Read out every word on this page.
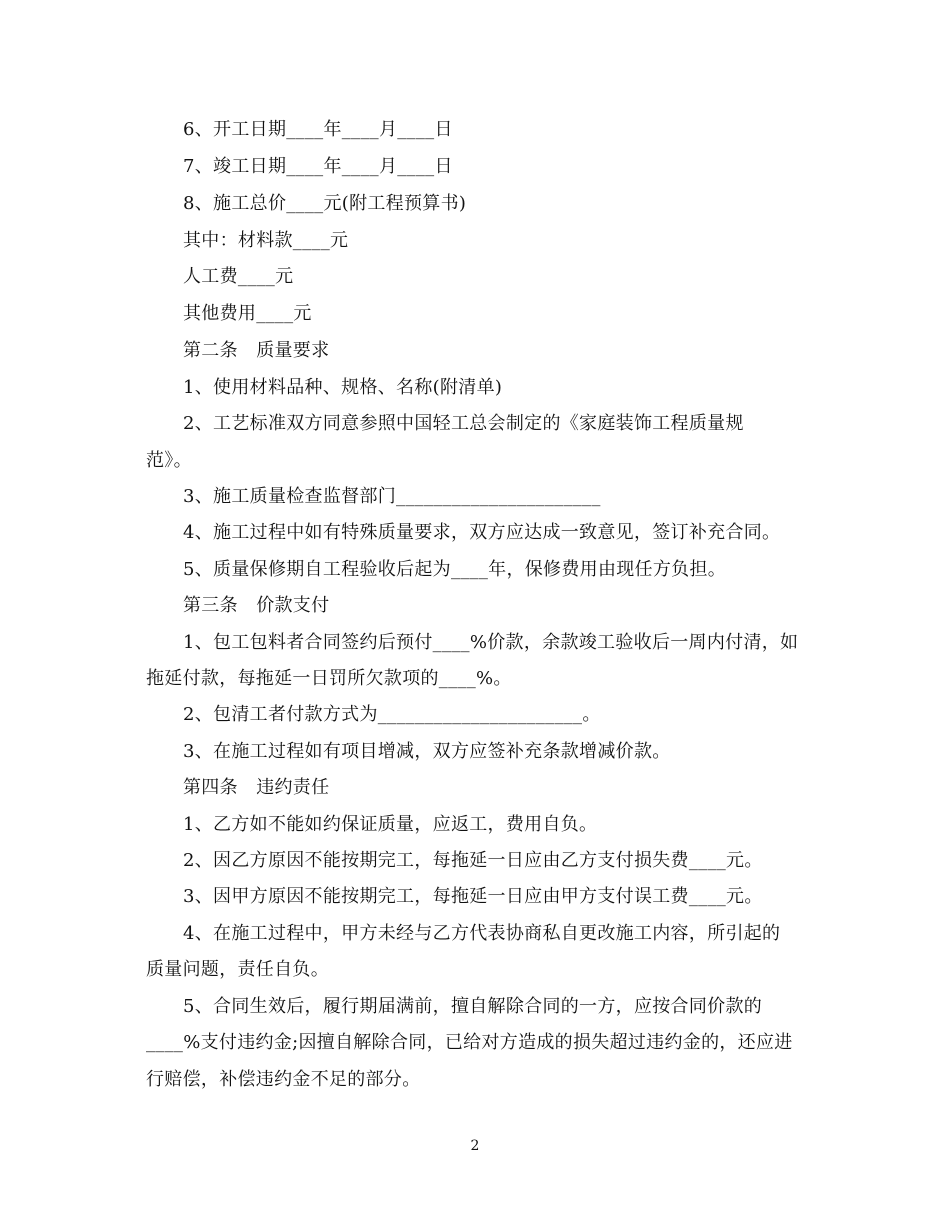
6、开工日期____年____月____日
7、竣工日期____年____月____日
8、施工总价____元(附工程预算书)
其中：材料款____元
人工费____元
其他费用____元
第二条　质量要求
1、使用材料品种、规格、名称(附清单)
2、工艺标准双方同意参照中国轻工总会制定的《家庭装饰工程质量规
范》。
3、施工质量检查监督部门______________________
4、施工过程中如有特殊质量要求，双方应达成一致意见，签订补充合同。
5、质量保修期自工程验收后起为____年，保修费用由现任方负担。
第三条　价款支付
1、包工包料者合同签约后预付____%价款，余款竣工验收后一周内付清，如
拖延付款，每拖延一日罚所欠款项的____%。
2、包清工者付款方式为______________________。
3、在施工过程如有项目增减，双方应签补充条款增减价款。
第四条　违约责任
1、乙方如不能如约保证质量，应返工，费用自负。
2、因乙方原因不能按期完工，每拖延一日应由乙方支付损失费____元。
3、因甲方原因不能按期完工，每拖延一日应由甲方支付误工费____元。
4、在施工过程中，甲方未经与乙方代表协商私自更改施工内容，所引起的
质量问题，责任自负。
5、合同生效后，履行期届满前，擅自解除合同的一方，应按合同价款的
____%支付违约金;因擅自解除合同，已给对方造成的损失超过违约金的，还应进
行赔偿，补偿违约金不足的部分。
2
